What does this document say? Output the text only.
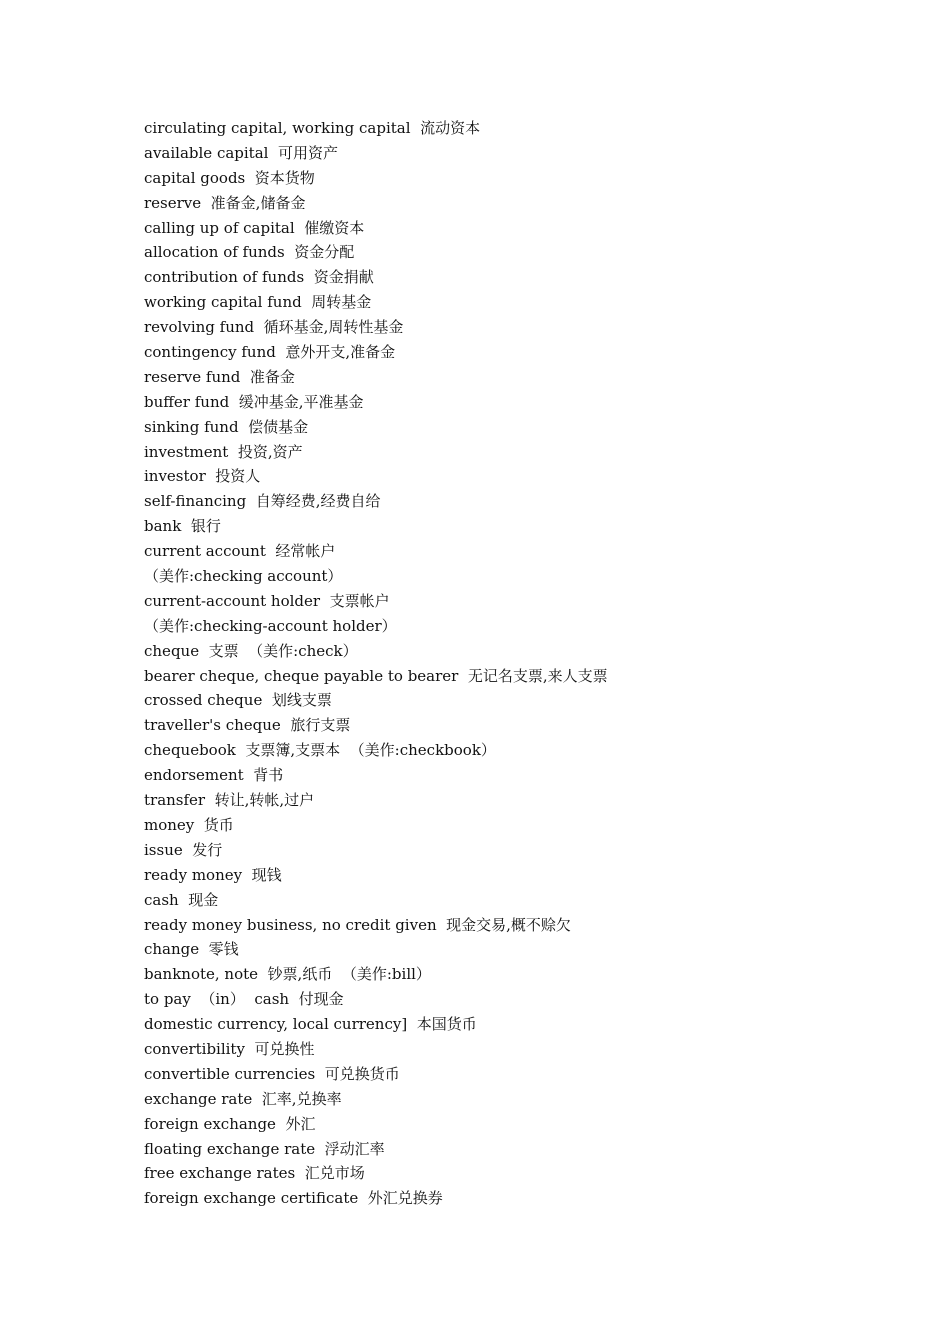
circulating capital, working capital  流动资本
available capital  可用资产
capital goods  资本货物
reserve  准备金,储备金
calling up of capital  催缴资本
allocation of funds  资金分配
contribution of funds  资金捐献
working capital fund  周转基金
revolving fund  循环基金,周转性基金
contingency fund  意外开支,准备金
reserve fund  准备金
buffer fund  缓冲基金,平准基金
sinking fund  偿债基金
investment  投资,资产
investor  投资人
self-financing  自筹经费,经费自给
bank  银行
current account  经常帐户
（美作:checking account）
current-account holder  支票帐户
（美作:checking-account holder）
cheque  支票  （美作:check）
bearer cheque, cheque payable to bearer  无记名支票,来人支票
crossed cheque  划线支票
traveller's cheque  旅行支票
chequebook  支票簿,支票本  （美作:checkbook）
endorsement  背书
transfer  转让,转帐,过户
money  货币
issue  发行
ready money  现钱
cash  现金
ready money business, no credit given  现金交易,概不赊欠
change  零钱
banknote, note  钞票,纸币  （美作:bill）
to pay  （in）  cash  付现金
domestic currency, local currency]  本国货币
convertibility  可兑换性
convertible currencies  可兑换货币
exchange rate  汇率,兑换率
foreign exchange  外汇
floating exchange rate  浮动汇率
free exchange rates  汇兑市场
foreign exchange certificate  外汇兑换券
